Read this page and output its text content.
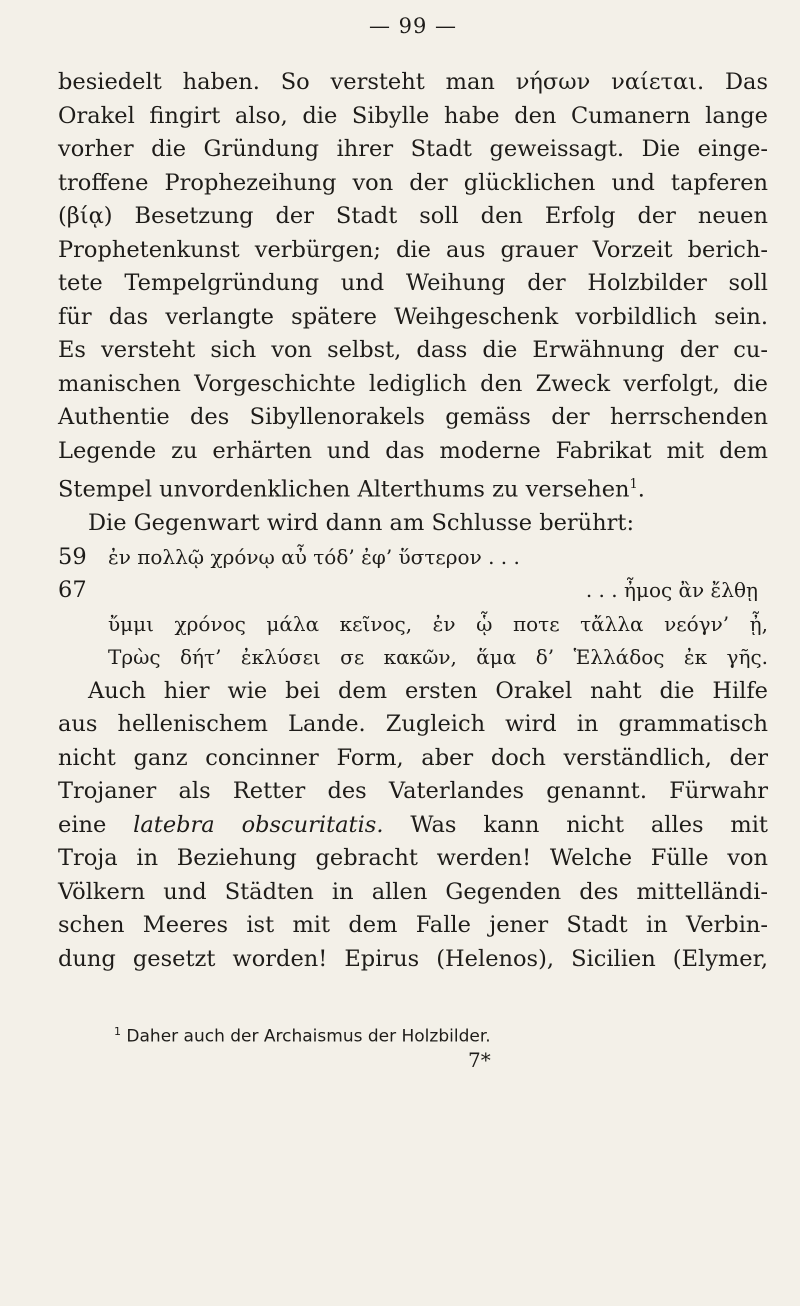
— 99 —
besiedelt haben. So versteht man νήσων ναίεται. Das
Orakel fingirt also, die Sibylle habe den Cumanern lange
vorher die Gründung ihrer Stadt geweissagt. Die einge-
troffene Prophezeihung von der glücklichen und tapferen
(βίᾳ) Besetzung der Stadt soll den Erfolg der neuen
Prophetenkunst verbürgen; die aus grauer Vorzeit berich-
tete Tempelgründung und Weihung der Holzbilder soll
für das verlangte spätere Weihgeschenk vorbildlich sein.
Es versteht sich von selbst, dass die Erwähnung der cu-
manischen Vorgeschichte lediglich den Zweck verfolgt, die
Authentie des Sibyllenorakels gemäss der herrschenden
Legende zu erhärten und das moderne Fabrikat mit dem
Stempel unvordenklichen Alterthums zu versehen$^1$.
Die Gegenwart wird dann am Schlusse berührt:
59	ἐν πολλῷ χρόνῳ αὖ τόδ’ ἐφ’ ὕστερον . . .
67	. . . ἦμος ἂν ἔλθῃ
ὔμμι χρόνος μάλα κεῖνος, ἐν ᾧ ποτε τἄλλα νεόγν’ ᾖ,
Τρὼς δήτ’ ἐκλύσει σε κακῶν, ἅμα δ’ Ἑλλάδος ἐκ γῆς.
Auch hier wie bei dem ersten Orakel naht die Hilfe
aus hellenischem Lande. Zugleich wird in grammatisch
nicht ganz concinner Form, aber doch verständlich, der
Trojaner als Retter des Vaterlandes genannt. Fürwahr
eine latebra obscuritatis. Was kann nicht alles mit
Troja in Beziehung gebracht werden! Welche Fülle von
Völkern und Städten in allen Gegenden des mittelländi-
schen Meeres ist mit dem Falle jener Stadt in Verbin-
dung gesetzt worden! Epirus (Helenos), Sicilien (Elymer,
$^1$ Daher auch der Archaismus der Holzbilder.
7*
